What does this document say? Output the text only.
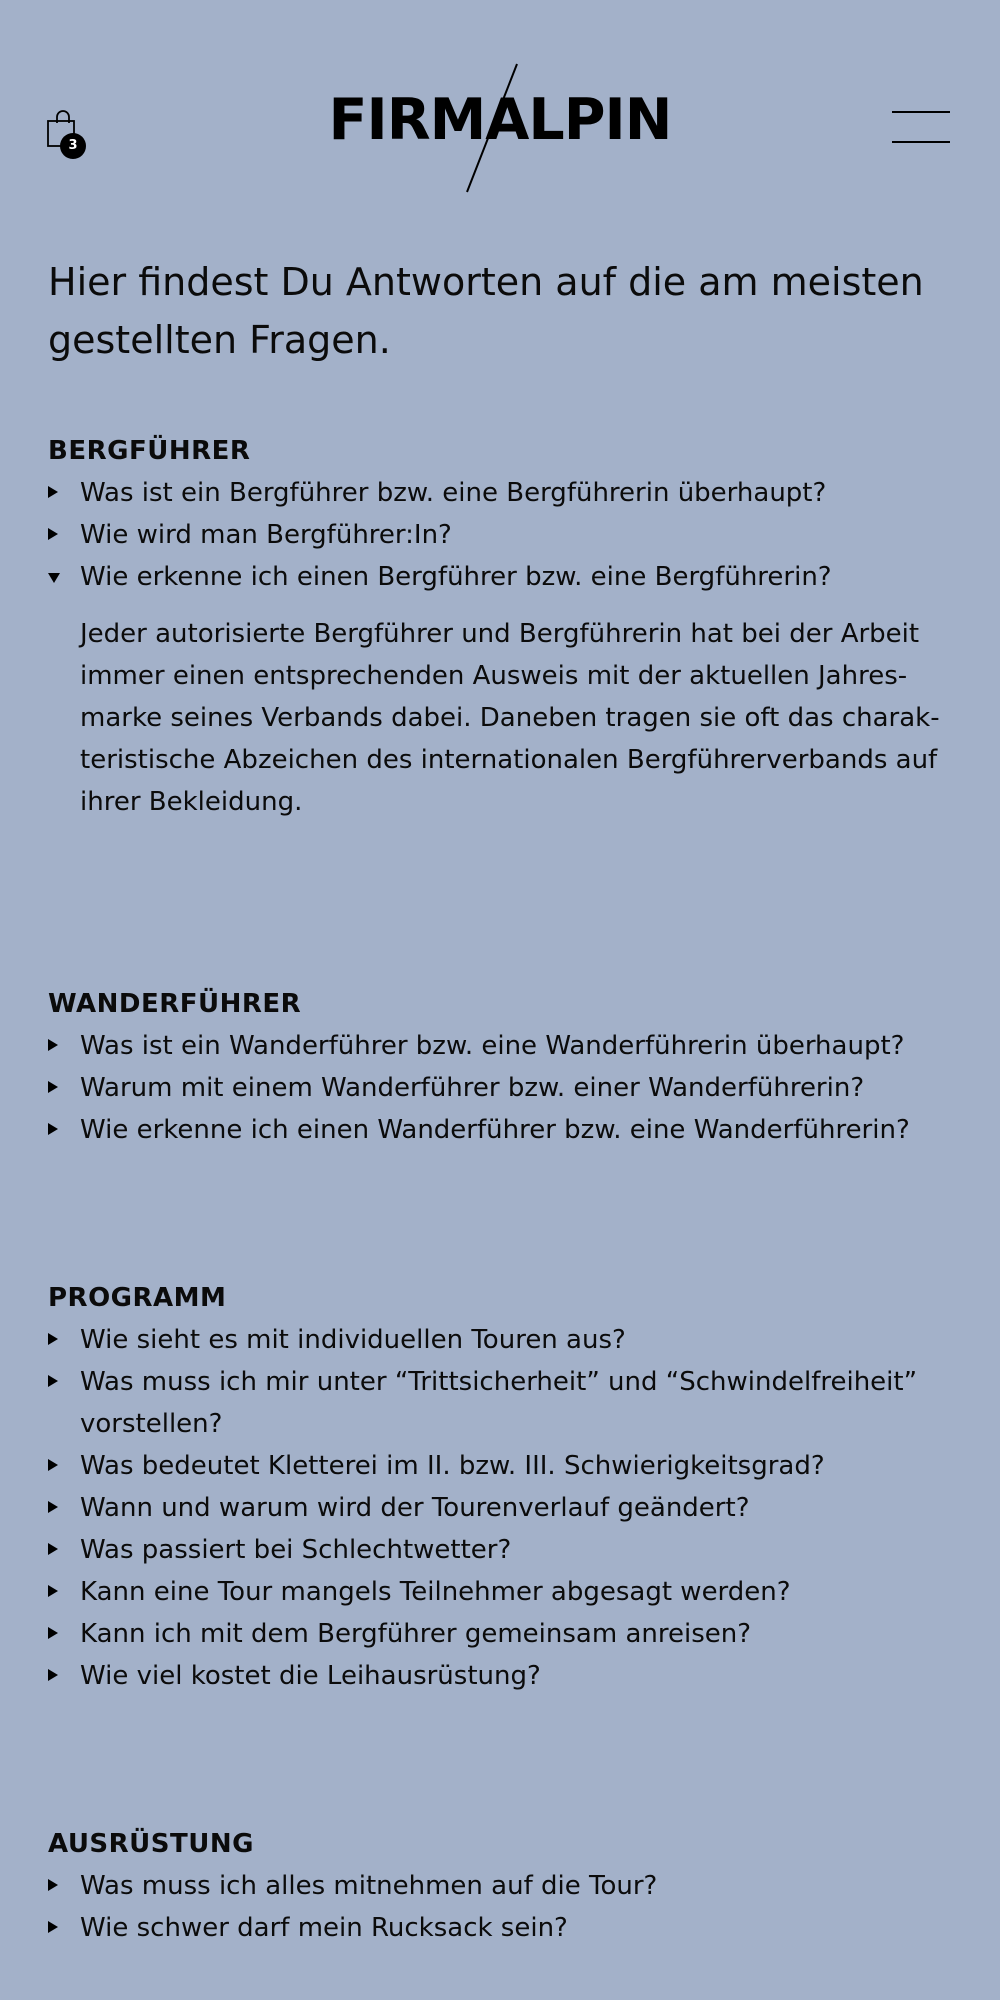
3	FIRMALPIN
Hier findest Du Antworten auf die am meisten gestellten Fragen.
BERGFÜHRER
Was ist ein Bergführer bzw. eine Bergführerin überhaupt?
Wie wird man Bergführer:In?
Wie erkenne ich einen Bergführer bzw. eine Bergführerin?

Jeder autorisierte Bergführer und Bergführerin hat bei der Arbeit immer einen entsprechenden Ausweis mit der aktuellen Jahresmarke seines Verbands dabei. Daneben tragen sie oft das charakteristische Abzeichen des internationalen Bergführerverbands auf ihrer Bekleidung.

WANDERFÜHRER
Was ist ein Wanderführer bzw. eine Wanderführerin überhaupt?
Warum mit einem Wanderführer bzw. einer Wanderführerin?
Wie erkenne ich einen Wanderführer bzw. eine Wanderführerin?
PROGRAMM
Wie sieht es mit individuellen Touren aus?
Was muss ich mir unter “Trittsicherheit” und “Schwindelfreiheit” vorstellen?
Was bedeutet Kletterei im II. bzw. III. Schwierigkeitsgrad?
Wann und warum wird der Tourenverlauf geändert?
Was passiert bei Schlechtwetter?
Kann eine Tour mangels Teilnehmer abgesagt werden?
Kann ich mit dem Bergführer gemeinsam anreisen?
Wie viel kostet die Leihausrüstung?
AUSRÜSTUNG
Was muss ich alles mitnehmen auf die Tour?
Wie schwer darf mein Rucksack sein?
